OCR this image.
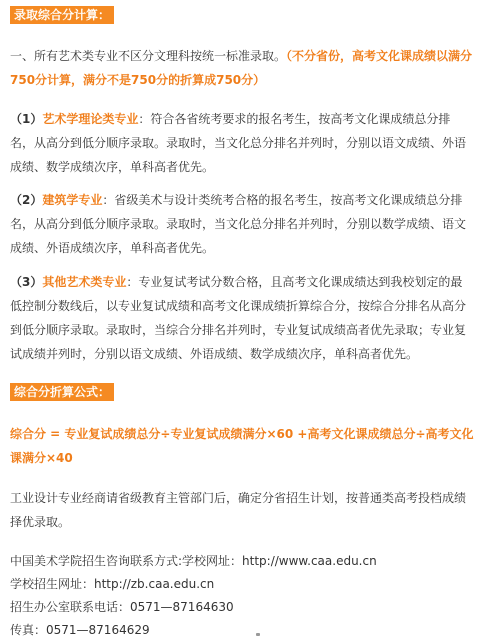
录取综合分计算：

一、所有艺术类专业不区分文理科按统一标准录取。（不分省份，高考文化课成绩以满分750分计算，满分不是750分的折算成750分）

（1）艺术学理论类专业：符合各省统考要求的报名考生，按高考文化课成绩总分排名，从高分到低分顺序录取。录取时，当文化总分排名并列时，分别以语文成绩、外语成绩、数学成绩次序，单科高者优先。

（2）建筑学专业：省级美术与设计类统考合格的报名考生，按高考文化课成绩总分排名，从高分到低分顺序录取。录取时，当文化总分排名并列时，分别以数学成绩、语文成绩、外语成绩次序，单科高者优先。

（3）其他艺术类专业：专业复试考试分数合格，且高考文化课成绩达到我校划定的最低控制分数线后，以专业复试成绩和高考文化课成绩折算综合分，按综合分排名从高分到低分顺序录取。录取时，当综合分排名并列时，专业复试成绩高者优先录取；专业复试成绩并列时，分别以语文成绩、外语成绩、数学成绩次序，单科高者优先。

综合分折算公式：

综合分 = 专业复试成绩总分÷专业复试成绩满分×60 +高考文化课成绩总分÷高考文化课满分×40

工业设计专业经商请省级教育主管部门后，确定分省招生计划，按普通类高考投档成绩择优录取。

中国美术学院招生咨询联系方式:学校网址：http://www.caa.edu.cn
学校招生网址：http://zb.caa.edu.cn
招生办公室联系电话：0571—87164630
传真：0571—87164629
